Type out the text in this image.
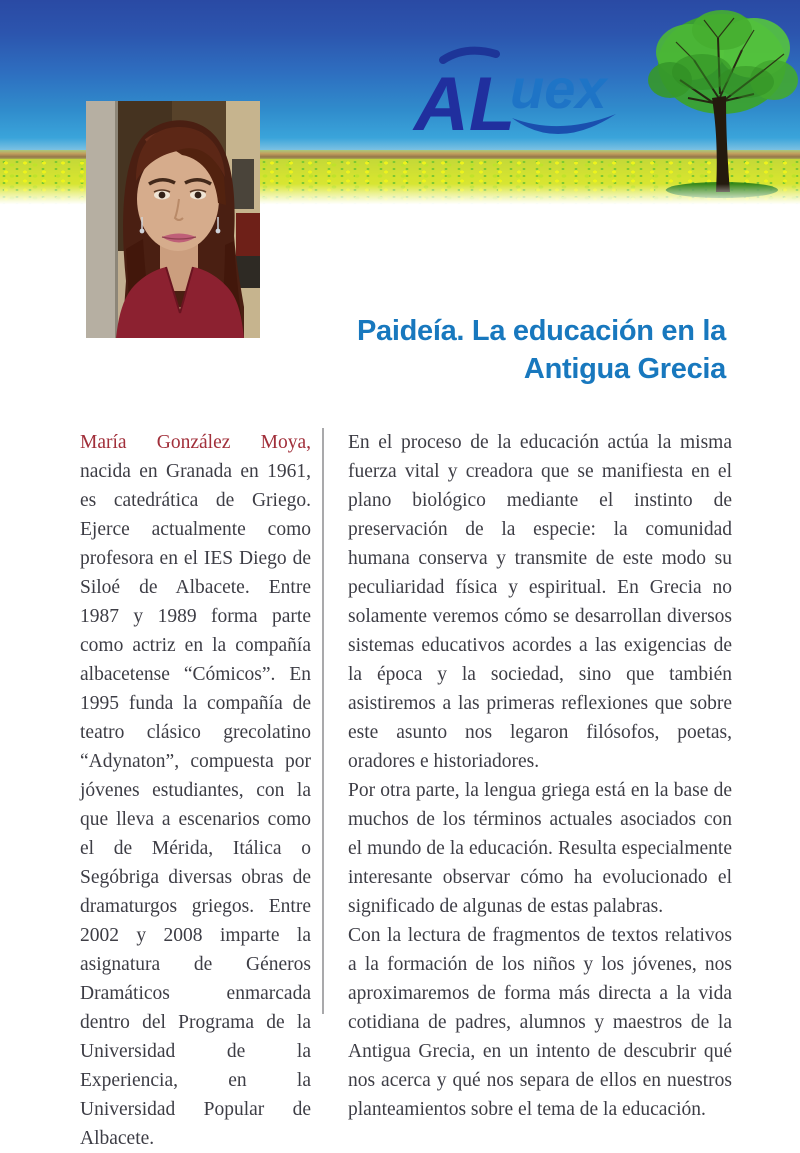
AL
uex
Paideía. La educación en la
Antigua Grecia

María González Moya, nacida en Granada en 1961, es catedrática de Griego. Ejerce actualmente como profesora en el IES Diego de Siloé de Albacete. Entre 1987 y 1989 forma parte como actriz en la compañía albacetense “Cómicos”. En 1995 funda la compañía de teatro clásico grecolatino “Adynaton”, compuesta por jóvenes estudiantes, con la que lleva a escenarios como el de Mérida, Itálica o Segóbriga diversas obras de dramaturgos griegos. Entre 2002 y 2008 imparte la asignatura de Géneros Dramáticos enmarcada dentro del Programa de la Universidad de la Experiencia, en la Universidad Popular de Albacete.

En el proceso de la educación actúa la misma fuerza vital y creadora que se manifiesta en el plano biológico mediante el instinto de preservación de la especie: la comunidad humana conserva y transmite de este modo su peculiaridad física y espiritual. En Grecia no solamente veremos cómo se desarrollan diversos sistemas educativos acordes a las exigencias de la época y la sociedad, sino que también asistiremos a las primeras reflexiones que sobre este asunto nos legaron filósofos, poetas, oradores e historiadores.

Por otra parte, la lengua griega está en la base de muchos de los términos actuales asociados con el mundo de la educación. Resulta especialmente interesante observar cómo ha evolucionado el significado de algunas de estas palabras.

Con la lectura de fragmentos de textos relativos a la formación de los niños y los jóvenes, nos aproximaremos de forma más directa a la vida cotidiana de padres, alumnos y maestros de la Antigua Grecia, en un intento de descubrir qué nos acerca y qué nos separa de ellos en nuestros planteamientos sobre el tema de la educación.
